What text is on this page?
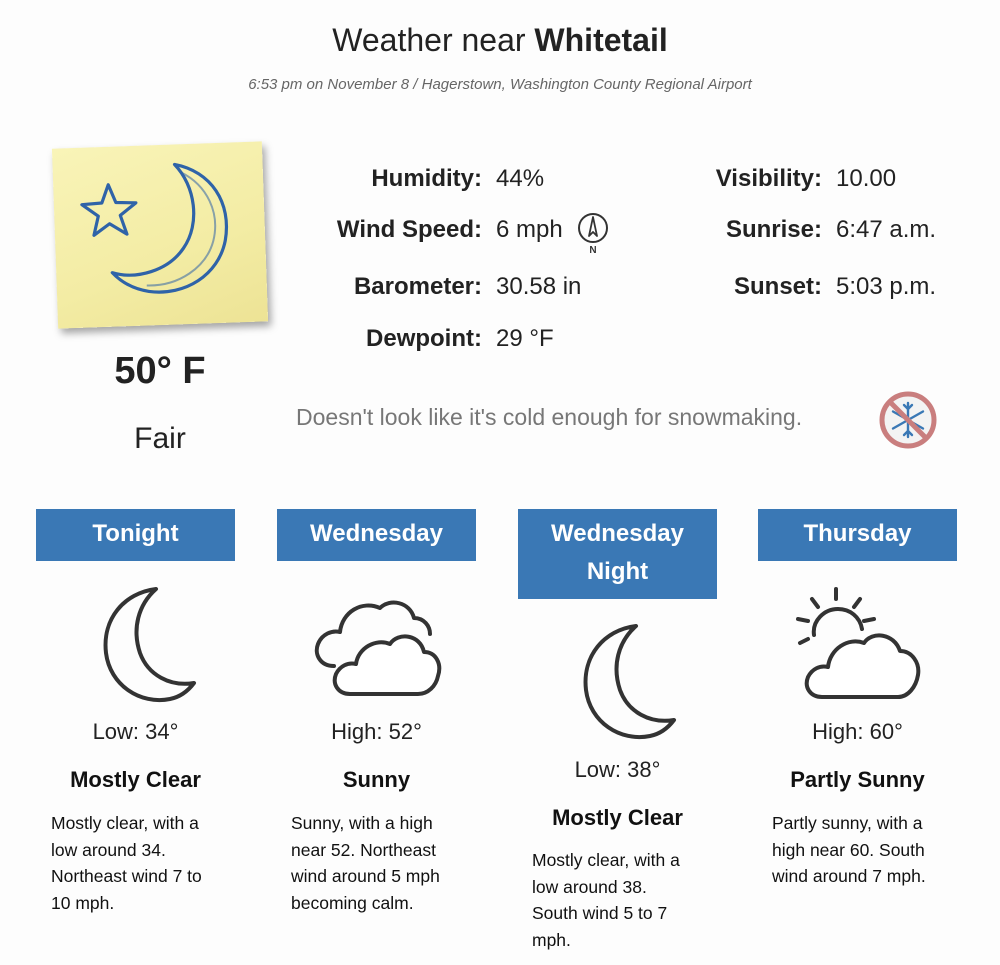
Weather near Whitetail
6:53 pm on November 8 / Hagerstown, Washington County Regional Airport
50° F
Fair
Humidity: 44%
Wind Speed: 6 mph
N
Barometer: 30.58 in
Dewpoint: 29 °F
Visibility: 10.00
Sunrise: 6:47 a.m.
Sunset: 5:03 p.m.
Doesn't look like it's cold enough for snowmaking.
Tonight
Low: 34°
Mostly Clear
Mostly clear, with a
low around 34.
Northeast wind 7 to
10 mph.
Wednesday
High: 52°
Sunny
Sunny, with a high
near 52. Northeast
wind around 5 mph
becoming calm.
Wednesday
Night
Low: 38°
Mostly Clear
Mostly clear, with a
low around 38.
South wind 5 to 7
mph.
Thursday
High: 60°
Partly Sunny
Partly sunny, with a
high near 60. South
wind around 7 mph.
